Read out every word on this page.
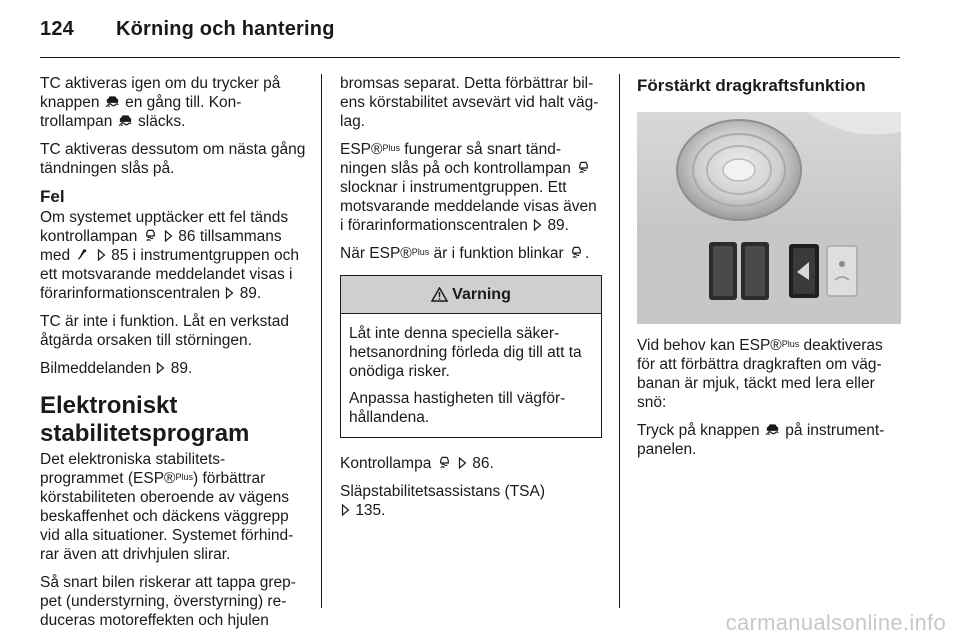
124 Körning och hantering

TC aktiveras igen om du trycker på knappen en gång till. Kon- trollampan släcks.

TC aktiveras dessutom om nästa gång tändningen slås på.

Fel

Om systemet upptäcker ett fel tänds kontrollampan
	86 tillsammans med
	85 i instrumentgruppen och ett motsvarande meddelandet visas i förarinformationscentralen 89.

TC är inte i funktion. Låt en verkstad åtgärda orsaken till störningen.

Bilmeddelanden 89.

Elektroniskt
stabilitetsprogram

Det elektroniska stabilitets-programmet (ESP®$^{Plus}$) förbättrar körstabiliteten oberoende av vägens beskaffenhet och däckens väggrepp vid alla situationer. Systemet förhind-rar även att drivhjulen slirar.

Så snart bilen riskerar att tappa grep-pet (understyrning, överstyrning) re-duceras motoreffekten och hjulen

bromsas separat. Detta förbättrar bil-ens körstabilitet avsevärt vid halt väg-lag.

ESP®$^{Plus}$ fungerar så snart tänd-ningen slås på och kontrollampan
slocknar i instrumentgruppen. Ett motsvarande meddelande visas även i förarinformationscentralen 89.

När ESP®$^{Plus}$ är i funktion blinkar .

Varning

Låt inte denna speciella säker-hetsanordning förleda dig till att ta onödiga risker.

Anpassa hastigheten till vägför-hållandena.

Kontrollampa
	86.

Släpstabilitetsassistans (TSA)

135.

Förstärkt dragkraftsfunktion

Vid behov kan ESP®$^{Plus}$ deaktiveras för att förbättra dragkraften om väg-banan är mjuk, täckt med lera eller snö:

Tryck på knappen på instrument-panelen.

carmanualsonline.info
